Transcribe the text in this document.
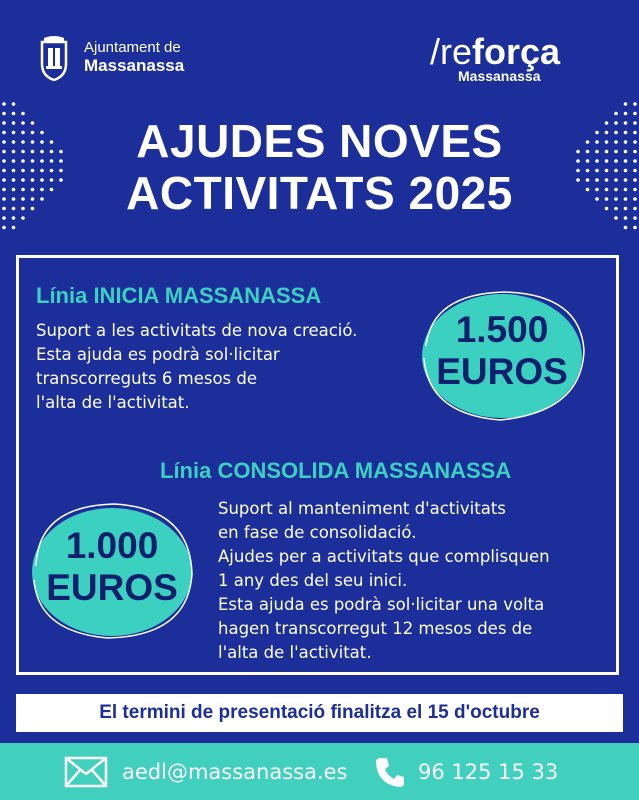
Ajuntament de
Massanassa	/reforça
Massanassa
AJUDES NOVES
ACTIVITATS 2025
Línia INICIA MASSANASSA
Suport a les activitats de nova creació.
Esta ajuda es podrà sol·licitar
transcorreguts 6 mesos de
l'alta de l'activitat.
1.500
EUROS
Línia CONSOLIDA MASSANASSA
Suport al manteniment d'activitats
en fase de consolidació.
Ajudes per a activitats que complisquen
1 any des del seu inici.
Esta ajuda es podrà sol·licitar una volta
hagen transcorregut 12 mesos des de
l'alta de l'activitat.
1.000
EUROS
El termini de presentació finalitza el 15 d'octubre
aedl@massanassa.es	96 125 15 33
